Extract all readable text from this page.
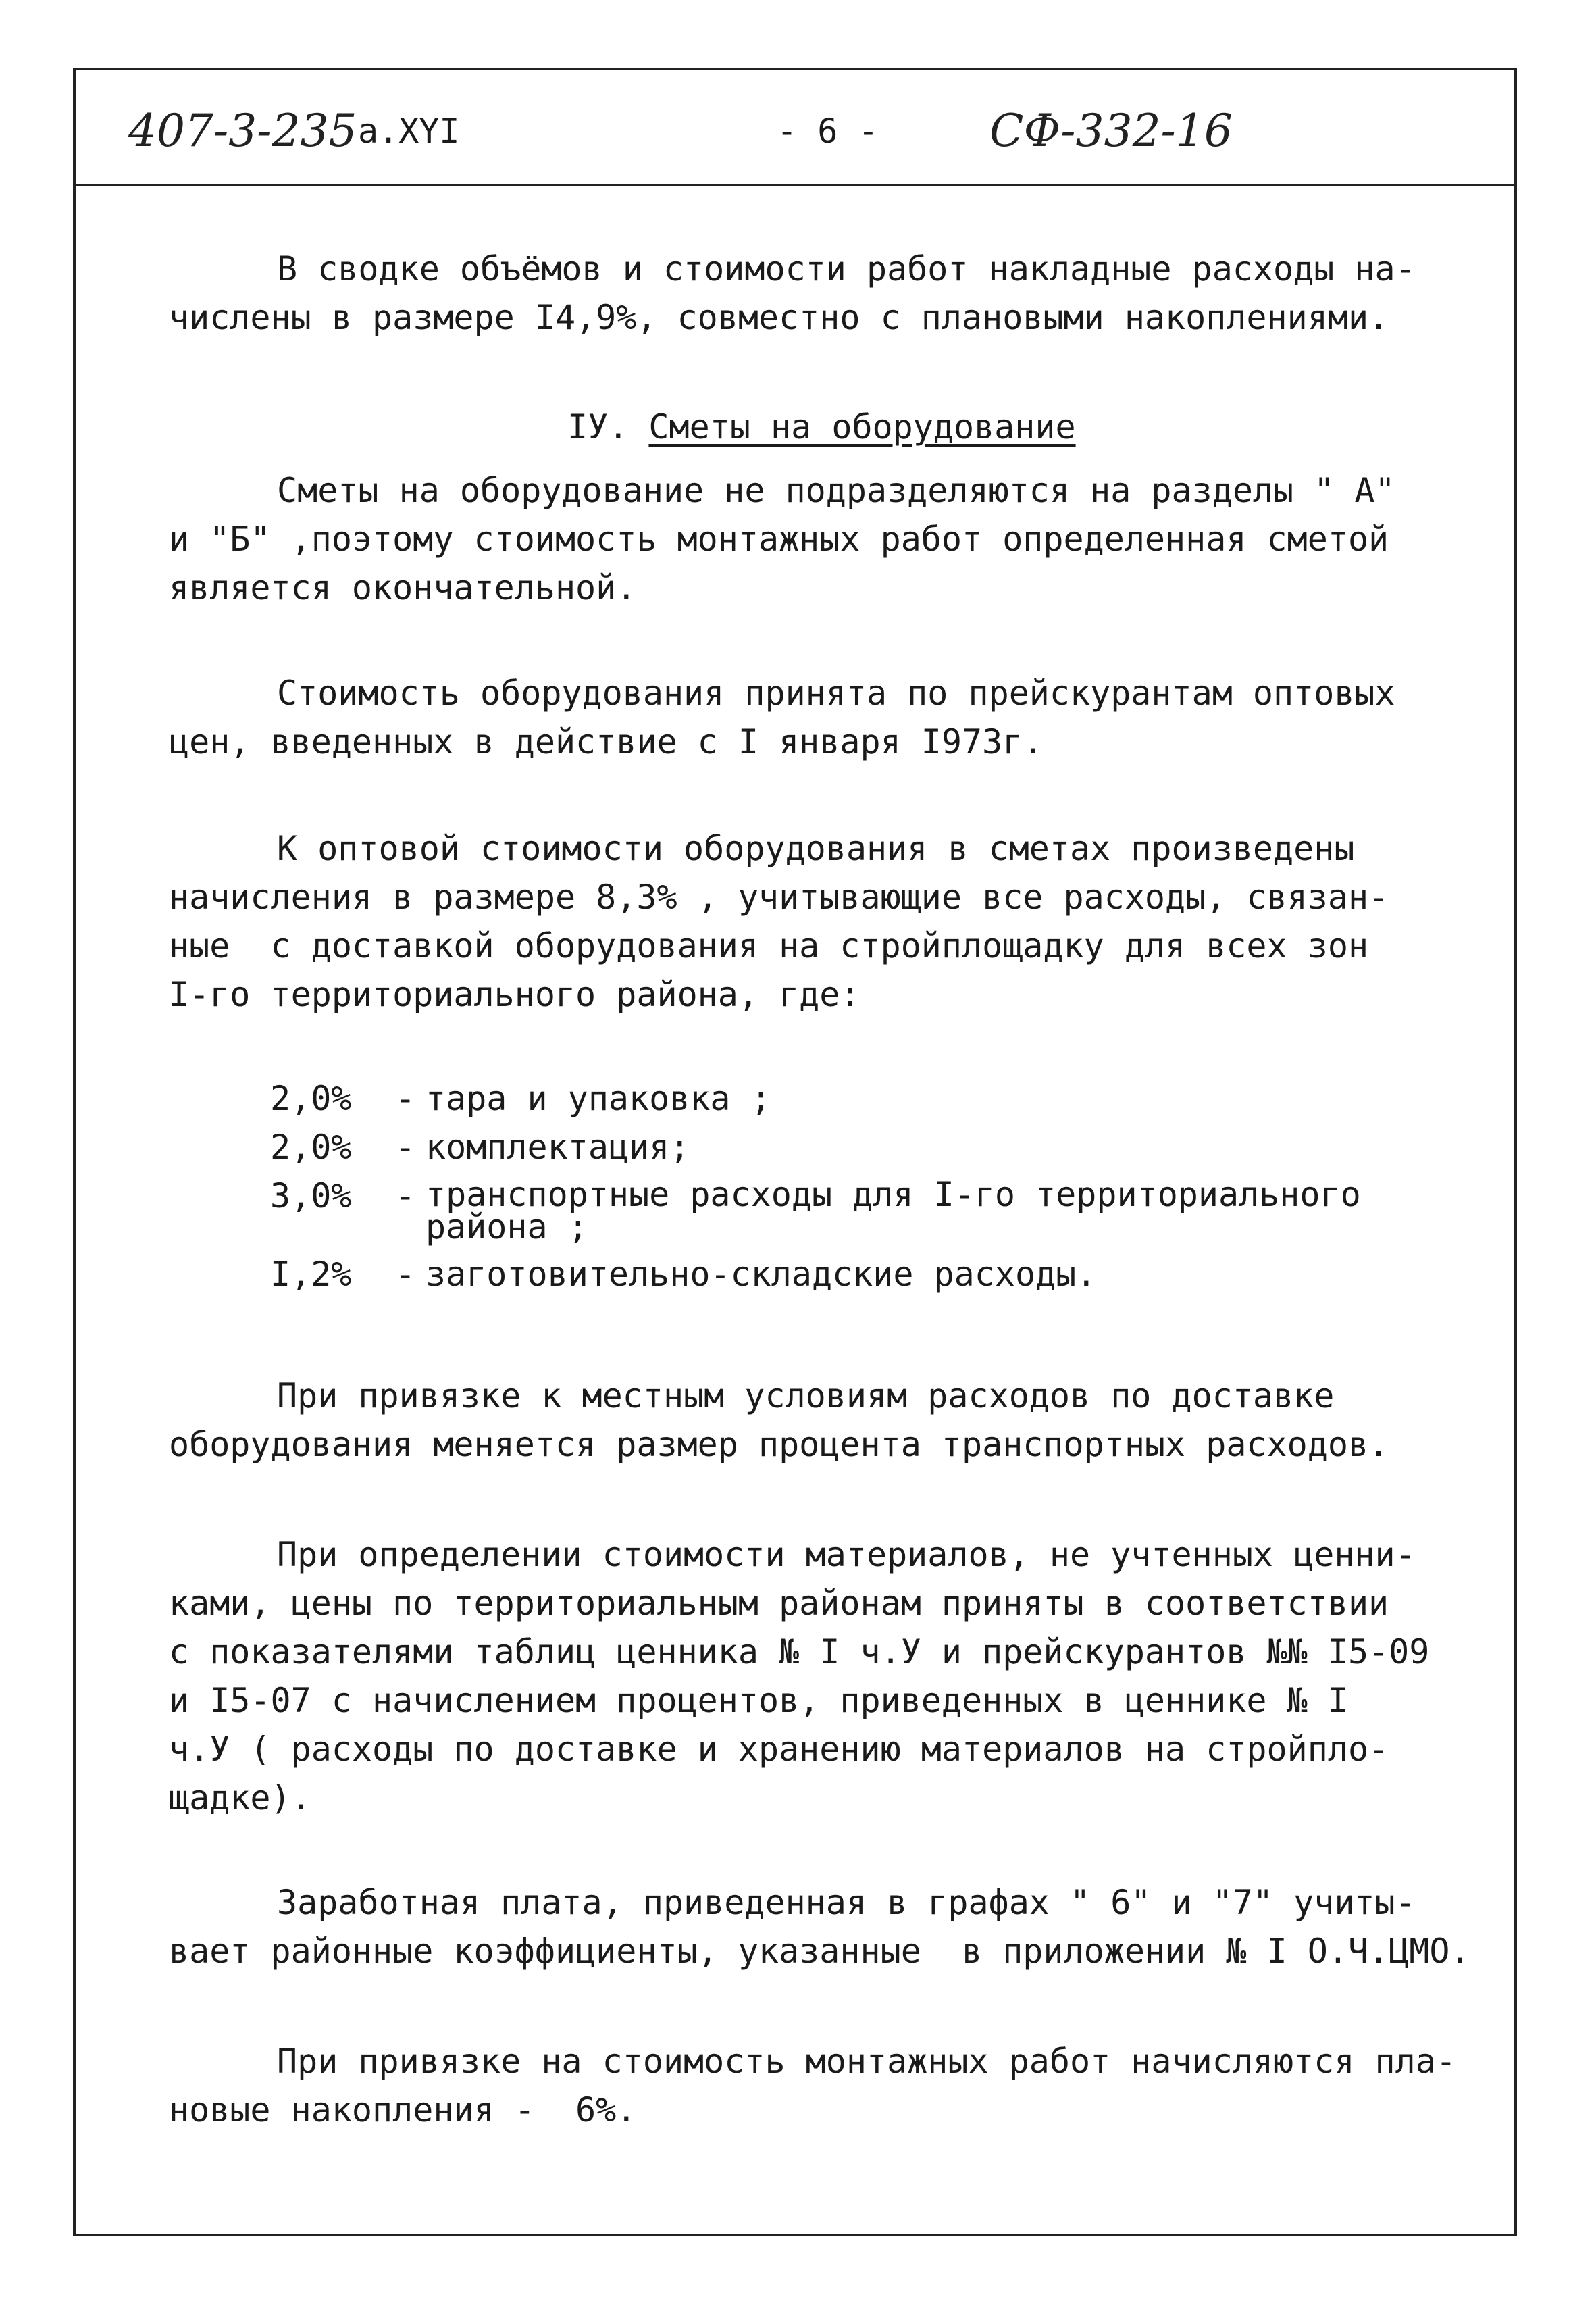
407-3-235 а.XYI	- 6 - СФ-332-16

В сводке объёмов и стоимости работ накладные расходы на-
числены в размере I4,9%, совместно с плановыми накоплениями.

IУ. Сметы на оборудование

Сметы на оборудование не подразделяются на разделы " А"
и "Б" ,поэтому стоимость монтажных работ определенная сметой
является окончательной.

Стоимость оборудования принята по прейскурантам оптовых
цен, введенных в действие с I января I973г.

К оптовой стоимости оборудования в сметах произведены
начисления в размере 8,3% , учитывающие все расходы, связан-
ные  с доставкой оборудования на стройплощадку для всех зон
I-го территориального района, где:

2,0%	- тара и упаковка ;
2,0%	- комплектация;
3,0%	- транспортные расходы для I-го территориального
района ;
I,2%	- заготовительно-складские расходы.

При привязке к местным условиям расходов по доставке
оборудования меняется размер процента транспортных расходов.

При определении стоимости материалов, не учтенных ценни-
ками, цены по территориальным районам приняты в соответствии
с показателями таблиц ценника № I ч.У и прейскурантов №№ I5-09
и I5-07 с начислением процентов, приведенных в ценнике № I
ч.У ( расходы по доставке и хранению материалов на стройпло-
щадке).

Заработная плата, приведенная в графах " 6" и "7" учиты-
вает районные коэффициенты, указанные  в приложении № I О.Ч.ЦМО.

При привязке на стоимость монтажных работ начисляются пла-
новые накопления -  6%.
